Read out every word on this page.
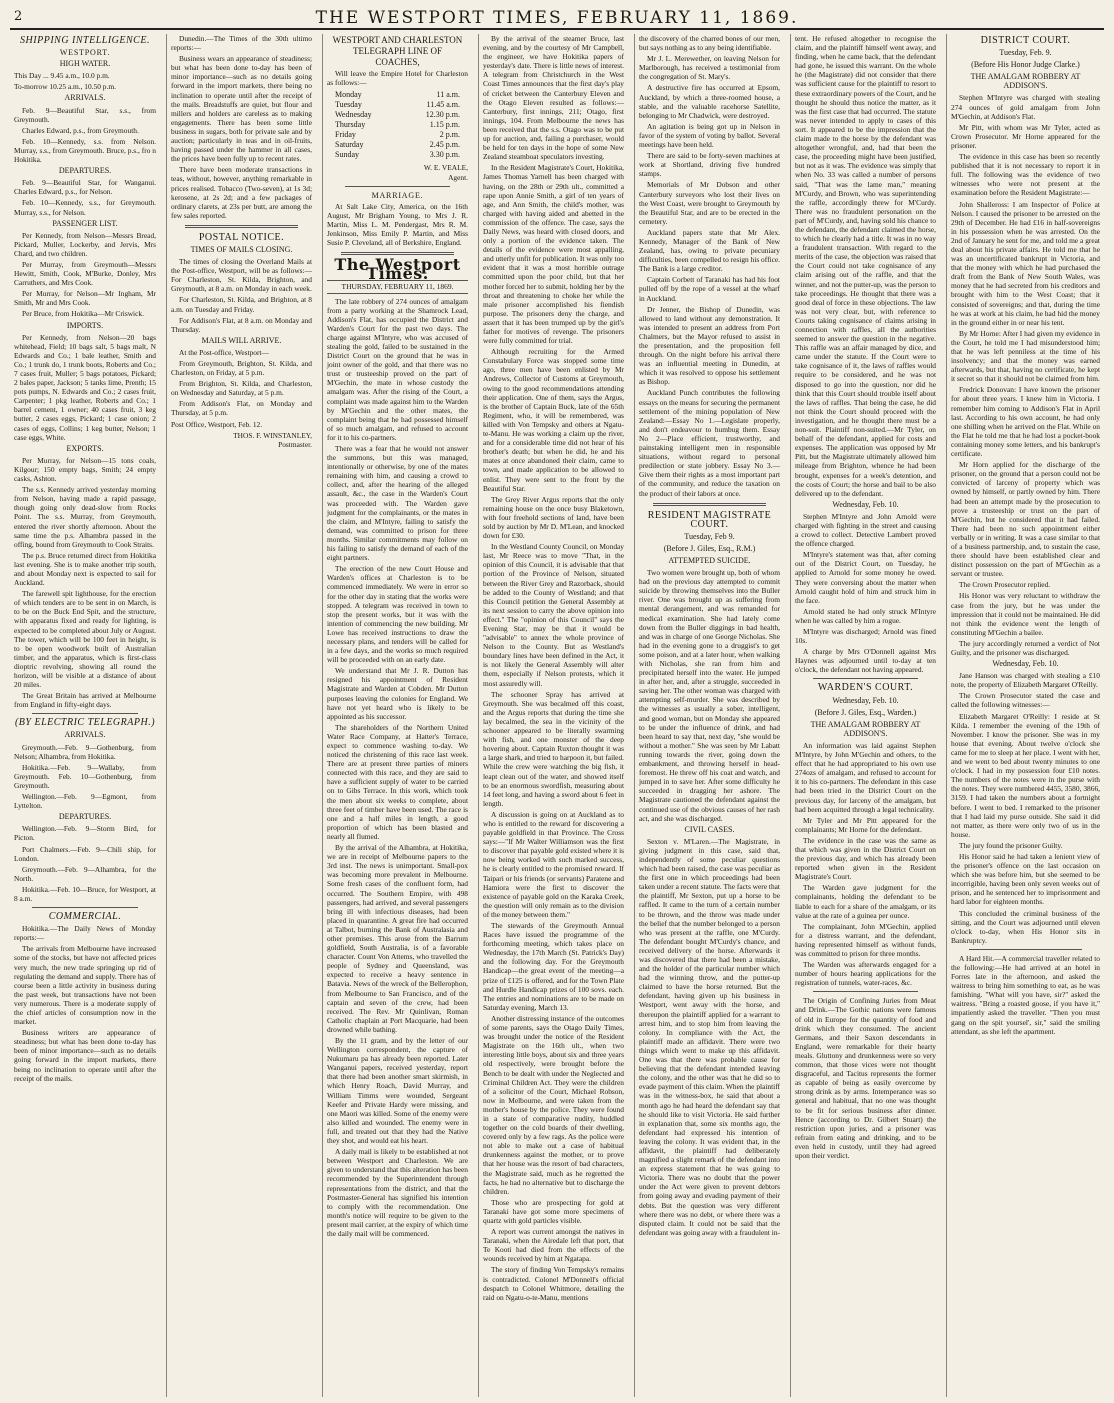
2	THE WESTPORT TIMES, FEBRUARY 11, 1869.
SHIPPING INTELLIGENCE.
WESTPORT.
HIGH WATER.

This Day ... 9.45 a.m., 10.0 p.m.

To-morrow 10.25 a.m., 10.50 p.m.

ARRIVALS.

Feb. 9—Beautiful Star, s.s., from Greymouth.

Charles Edward, p.s., from Greymouth.

Feb. 10—Kennedy, s.s. from Nelson. Murray, s.s., from Greymouth. Bruce, p.s., fro n Hokitika.

DEPARTURES.

Feb. 9—Beautiful Star, for Wanganui. Charles Edward, p.s., for Nelson.

Feb. 10—Kennedy, s.s., for Greymouth. Murray, s.s., for Nelson.

PASSENGER LIST.

Per Kennedy, from Nelson—Messrs Bread, Pickard, Muller, Lockerby, and Jervis, Mrs Chard, and two children.

Per Murray, from Greymouth—Messrs Hewitt, Smith, Cook, M'Burke, Donley, Mrs Carruthers, and Mrs Cook.

Per Murray, for Nelson—Mr Ingham, Mr Smith, Mr and Mrs Cook.

Per Bruce, from Hokitika—Mr Criswick.

IMPORTS.

Per Kennedy, from Nelson—20 bags whitehead, Field; 10 bags salt, 5 bags malt, N Edwards and Co.; 1 bale leather, Smith and Co.; 1 trunk do, 1 trunk boots, Roberts and Co.; 7 cases fruit, Muller; 5 bags potatoes, Pickard; 2 bales paper, Jackson; 5 tanks lime, Prenth; 15 pots pumps, N. Edwards and Co.; 2 cases fruit, Carpenter; 1 pkg leather, Roberts and Co.; 1 barrel cement, 1 owner; 40 cases fruit, 3 keg butter, 2 cases eggs, Pickard; 1 case onion; 2 cases of eggs, Collins; 1 keg butter, Nelson; 1 case eggs, White.

EXPORTS.

Per Murray, for Nelson—15 tons coals, Kilgour; 150 empty bags, Smith; 24 empty casks, Ashton.

The s.s. Kennedy arrived yesterday morning from Nelson, having made a rapid passage, though going only dead-slow from Rocks Point. The s.s. Murray, from Greymouth, entered the river shortly afternoon. About the same time the p.s. Alhambra passed in the offing, bound from Greymouth to Cook Straits.

The p.s. Bruce returned direct from Hokitika last evening. She is to make another trip south, and about Monday next is expected to sail for Auckland.

The farewell spit lighthouse, for the erection of which tenders are to be sent in on March, is to be on the Buck End Spit, and the structure, with apparatus fixed and ready for lighting, is expected to be completed about July or August. The tower, which will be 100 feet in height, is to be open woodwork built of Australian timber, and the apparatus, which is first-class dioptric revolving, showing all round the horizon, will be visible at a distance of about 20 miles.

The Great Britain has arrived at Melbourne from England in fifty-eight days.

(BY ELECTRIC TELEGRAPH.)
ARRIVALS.

Greymouth.—Feb. 9—Gothenburg, from Nelson; Alhambra, from Hokitika.

Hokitika.—Feb. 9—Wallaby, from Greymouth. Feb. 10—Gothenburg, from Greymouth.

Wellington.—Feb. 9—Egmont, from Lyttelton.

DEPARTURES.

Wellington.—Feb. 9—Storm Bird, for Picton.

Port Chalmers.—Feb. 9—Chili ship, for London.

Greymouth.—Feb. 9—Alhambra, for the North.

Hokitika.—Feb. 10—Bruce, for Westport, at 8 a.m.

COMMERCIAL.

Hokitika.—The Daily News of Monday reports:—

The arrivals from Melbourne have increased some of the stocks, but have not affected prices very much, the new trade springing up rid of regulating the demand and supply. There has of course been a little activity in business during the past week, but transactions have not been very numerous. There is a moderate supply of the chief articles of consumption now in the market.

Business writers are appearance of steadiness; but what has been done to-day has been of minor importance—such as no details going forward in the import markets, there being no inclination to operate until after the receipt of the mails.

Dunedin.—The Times of the 30th ultimo reports:—

Business wears an appearance of steadiness; but what has been done to-day has been of minor importance—such as no details going forward in the import markets, there being no inclination to operate until after the receipt of the mails. Breadstuffs are quiet, but flour and millers and holders are careless as to making engagements. There has been some little business in sugars, both for private sale and by auction; particularly in teas and in oil-fruits, having passed under the hammer in all cases, the prices have been fully up to recent rates.

There have been moderate transactions in teas, without, however, anything remarkable in prices realised. Tobacco (Two-seven), at 1s 3d; kerosene, at 2s 2d; and a few packages of ordinary clarets, at 23s per butt, are among the few sales reported.

POSTAL NOTICE.
TIMES OF MAILS CLOSING.

The times of closing the Overland Mails at the Post-office, Westport, will be as follows:—For Charleston, St. Kilda, Brighton, and Greymouth, at 8 a.m. on Monday in each week.

For Charleston, St. Kilda, and Brighton, at 8 a.m. on Tuesday and Friday.

For Addison's Flat, at 8 a.m. on Monday and Thursday.

MAILS WILL ARRIVE.

At the Post-office, Westport—

From Greymouth, Brighton, St. Kilda, and Charleston, on Friday, at 5 p.m.

From Brighton, St. Kilda, and Charleston, on Wednesday and Saturday, at 5 p.m.

From Addison's Flat, on Monday and Thursday, at 5 p.m.

Post Office, Westport, Feb. 12.

THOS. F. WINSTANLEY,
Postmaster.
WESTPORT AND CHARLESTON
TELEGRAPH LINE OF
COACHES,

Will leave the Empire Hotel for Charleston as follows:—

Monday	11 a.m.
Tuesday	11.45 a.m.
Wednesday	12.30 p.m.
Thursday	1.15 p.m.
Friday	2 p.m.
Saturday	2.45 p.m.
Sunday	3.30 p.m.
W. E. VEALE,
Agent.
MARRIAGE.

At Salt Lake City, America, on the 16th August, Mr Brigham Young, to Mrs J. R. Martin, Miss L. M. Pendergast, Mrs R. M. Jenkinson, Miss Emily P. Martin, and Miss Susie P. Cleveland, all of Berkshire, England.

The Westport Times.
THURSDAY, FEBRUARY 11, 1869.

The late robbery of 274 ounces of amalgam from a party working at the Shamrock Lead, Addison's Flat, has occupied the District and Warden's Court for the past two days. The charge against M'Intyre, who was accused of stealing the gold, failed to be sustained in the District Court on the ground that he was in joint owner of the gold, and that there was no trust or trusteeship proved on the part of M'Gechin, the mate in whose custody the amalgam was. After the rising of the Court, a complaint was made against him to the Warden by M'Gechin and the other mates, the complaint being that he had possessed himself of so much amalgam, and refused to account for it to his co-partners.

There was a fear that he would not answer the summons, but this was managed, intentionally or otherwise, by one of the mates remaining with him, and causing a crowd to collect, and, after the hearing of the alleged assault, &c., the case in the Warden's Court was proceeded with. The Warden gave judgment for the complainants, or the mates in the claim, and M'Intyre, failing to satisfy the demand, was committed to prison for three months. Similar commitments may follow on his failing to satisfy the demand of each of the eight partners.

The erection of the new Court House and Warden's offices at Charleston is to be commenced immediately. We were in error so for the other day in stating that the works were stopped. A telegram was received in town to stop the present works, but it was with the intention of commencing the new building. Mr Lowe has received instructions to draw the necessary plans, and tenders will be called for in a few days, and the works so much required will be proceeded with on an early date.

We understand that Mr J. R. Dutton has resigned his appointment of Resident Magistrate and Warden at Cobden. Mr Dutton purposes leaving the colonies for England. We have not yet heard who is likely to be appointed as his successor.

The shareholders of the Northern United Water Race Company, at Hatter's Terrace, expect to commence washing to-day. We noticed the christening of this race last week. There are at present three parties of miners connected with this race, and they are said to have a sufficient supply of water to be carried on to Gibs Terrace. In this work, which took the men about six weeks to complete, about three feet of timber have been used. The race is one and a half miles in length, a good proportion of which has been blasted and nearly all flumed.

By the arrival of the Alhambra, at Hokitika, we are in receipt of Melbourne papers to the 3rd inst. The news is unimportant. Small-pox was becoming more prevalent in Melbourne. Some fresh cases of the confluent form, had occurred. The Southern Empire, with 498 passengers, had arrived, and several passengers bring ill with infectious diseases, had been placed in quarantine. A great fire had occurred at Talbot, burning the Bank of Australasia and other premises. This arose from the Barrum goldfield, South Australia, is of a favorable character. Count Von Attems, who travelled the people of Sydney and Queensland, was expected to receive a heavy sentence in Batavia. News of the wreck of the Bellerophon, from Melbourne to San Francisco, and of the captain and seven of the crew, had been received. The Rev. Mr Quinlivan, Roman Catholic chaplain at Port Macquarie, had been drowned while bathing.

By the 11 gram, and by the letter of our Wellington correspondent, the capture of Nukumaru pa has already been reported. Later Wanganui papers, received yesterday, report that there had been another smart skirmish, in which Henry Roach, David Murray, and William Timms were wounded, Sergeant Keefer and Private Hardy were missing, and one Maori was killed. Some of the enemy were also killed and wounded. The enemy were in full, and treated out that they had the Native they shot, and would eat his heart.

A daily mail is likely to be established at not between Westport and Charleston. We are given to understand that this alteration has been recommended by the Superintendent through representations from the district, and that the Postmaster-General has signified his intention to comply with the recommendation. One month's notice will require to be given to the present mail carrier, at the expiry of which time the daily mail will be commenced.

By the arrival of the steamer Bruce, last evening, and by the courtesy of Mr Campbell, the engineer, we have Hokitika papers of yesterday's date. There is little news of interest. A telegram from Christchurch in the West Coast Times announces that the first day's play of cricket between the Canterbury Eleven and the Otago Eleven resulted as follows:—Canterbury, first innings, 211; Otago, first innings, 104. From Melbourne the news has been received that the s.s. Otago was to be put up for auction, and, failing a purchaser, would be held for ten days in the hope of some New Zealand steamboat speculators investing.

In the Resident Magistrate's Court, Hokitika, James Thomas Yarnell has been charged with having, on the 28th or 29th ult., committed a rape upon Annie Smith, a girl of ten years of age, and Ann Smith, the child's mother, was charged with having aided and abetted in the commission of the offence. The case, says the Daily News, was heard with closed doors, and only a portion of the evidence taken. The details of the evidence were most appalling, and utterly unfit for publication. It was only too evident that it was a most horrible outrage committed upon the poor child, but that her mother forced her to submit, holding her by the throat and threatening to choke her while the male prisoner accomplished his fiendish purpose. The prisoners deny the charge, and assert that it has been trumped up by the girl's father for motives of revenge. The prisoners were fully committed for trial.

Although recruiting for the Armed Constabulary Force was stopped some time ago, three men have been enlisted by Mr Andrews, Collector of Customs at Greymouth, owing to the good recommendations attending their application. One of them, says the Argus, is the brother of Captain Buck, late of the 65th Regiment, who, it will be remembered, was killed with Von Tempsky and others at Ngatu-te-Manu. He was working a claim up the river, and for a considerable time did not hear of his brother's death; but when he did, he and his mates at once abandoned their claim, came to town, and made application to be allowed to enlist. They were sent to the front by the Beautiful Star.

The Grey River Argus reports that the only remaining house on the once busy Blaketown, with four freehold sections of land, have been sold by auction by Mr D. M'Lean, and knocked down for £30.

In the Westland County Council, on Monday last, Mr Reece was to move "That, in the opinion of this Council, it is advisable that that portion of the Province of Nelson, situated between the River Grey and Razorback, should be added to the County of Westland; and that this Council petition the General Assembly at its next session to carry the above opinion into effect." The "opinion of this Council" says the Evening Star, may be that it would be "advisable" to annex the whole province of Nelson to the County. But as Westland's boundary lines have been defined in the Act, it is not likely the General Assembly will alter them, especially if Nelson protests, which it most assuredly will.

The schooner Spray has arrived at Greymouth. She was becalmed off this coast, and the Argus reports that during the time she lay becalmed, the sea in the vicinity of the schooner appeared to be literally swarming with fish, and one monster of the deep hovering about. Captain Ruxton thought it was a large shark, and tried to harpoon it, but failed. While the crew were watching the big fish, it leapt clean out of the water, and showed itself to be an enormous swordfish, measuring about 14 feet long, and having a sword about 6 feet in length.

A discussion is going on at Auckland as to who is entitled to the reward for discovering a payable goldfield in that Province. The Cross says:—"If Mr Walter Williamson was the first to discover that payable gold existed where it is now being worked with such marked success, he is clearly entitled to the promised reward. If Taipari or his friends (or servants) Paratene and Hamiora were the first to discover the existence of payable gold on the Karaka Creek, the question will only remain as to the division of the money between them."

The stewards of the Greymouth Annual Races have issued the programme of the forthcoming meeting, which takes place on Wednesday, the 17th March (St. Patrick's Day) and the following day. For the Greymouth Handicap—the great event of the meeting—a prize of £125 is offered, and for the Town Plate and Hurdle Handicap prizes of 100 sovs. each. The entries and nominations are to be made on Saturday evening, March 13.

Another distressing instance of the outcomes of some parents, says the Otago Daily Times, was brought under the notice of the Resident Magistrate on the 16th ult., when two interesting little boys, about six and three years old respectively, were brought before the Bench to be dealt with under the Neglected and Criminal Children Act. They were the children of a solicitor of the Court, Michael Robson, now in Melbourne, and were taken from the mother's house by the police. They were found in a state of comparative nudity, huddled together on the cold boards of their dwelling, covered only by a few rags. As the police were not able to make out a case of habitual drunkenness against the mother, or to prove that her house was the resort of bad characters, the Magistrate said, much as he regretted the facts, he had no alternative but to discharge the children.

Those who are prospecting for gold at Taranaki have got some more specimens of quartz with gold particles visible.

A report was current amongst the natives in Taranaki, when the Airedale left that port, that Te Kooti had died from the effects of the wounds received by him at Ngatapa.

The story of finding Von Tempsky's remains is contradicted. Colonel M'Donnell's official despatch to Colonel Whitmore, detailing the raid on Ngatu-o-te-Manu, mentions

the discovery of the charred bones of our men, but says nothing as to any being identifiable.

Mr J. L. Merewether, on leaving Nelson for Marlborough, has received a testimonial from the congregation of St. Mary's.

A destructive fire has occurred at Epsom, Auckland, by which a three-roomed house, a stable, and the valuable racehorse Satellite, belonging to Mr Chadwick, were destroyed.

An agitation is being got up in Nelson in favor of the system of voting by ballot. Several meetings have been held.

There are said to be forty-seven machines at work at Shortland, driving five hundred stamps.

Memorials of Mr Dobson and other Canterbury surveyors who lost their lives on the West Coast, were brought to Greymouth by the Beautiful Star, and are to be erected in the cemetery.

Auckland papers state that Mr Alex. Kennedy, Manager of the Bank of New Zealand, has, owing to private pecuniary difficulties, been compelled to resign his office. The Bank is a large creditor.

Captain Corbett of Taranaki has had his foot pulled off by the rope of a vessel at the wharf in Auckland.

Dr Jenner, the Bishop of Dunedin, was allowed to land without any demonstration. It was intended to present an address from Port Chalmers, but the Mayor refused to assist in the presentation, and the proposition fell through. On the night before his arrival there was an influential meeting in Dunedin, at which it was resolved to oppose his settlement as Bishop.

Auckland Punch contributes the following essays on the means for securing the permanent settlement of the mining population of New Zealand:—Essay No 1.—Legislate properly, and don't endeavour to humbug them. Essay No 2—Place efficient, trustworthy, and painstaking intelligent men in responsible situations, without regard to personal predilection or state jobbery. Essay No 3.—Give them their rights as a most important part of the community, and reduce the taxation on the product of their labors at once.

RESIDENT MAGISTRATE COURT.
Tuesday, Feb 9.
(Before J. Giles, Esq., R.M.)
ATTEMPTED SUICIDE.

Two women were brought up, both of whom had on the previous day attempted to commit suicide by throwing themselves into the Buller river. One was brought up as suffering from mental derangement, and was remanded for medical examination. She had lately come down from the Buller diggings in bad health, and was in charge of one George Nicholas. She had in the evening gone to a druggist's to get some poison, and at a later hour, when walking with Nicholas, she ran from him and precipitated herself into the water. He jumped in after her, and, after a struggle, succeeded in saving her. The other woman was charged with attempting self-murder. She was described by the witnesses as usually a sober, intelligent, and good woman, but on Monday she appeared to be under the influence of drink, and had been heard to say that, next day, "she would be without a mother." She was seen by Mr Labatt running towards the river, going down the embankment, and throwing herself in head-foremost. He threw off his coat and watch, and jumped in to save her. After some difficulty he succeeded in dragging her ashore. The Magistrate cautioned the defendant against the continued use of the obvious causes of her rash act, and she was discharged.

CIVIL CASES.

Sexton v. M'Laren.—The Magistrate, in giving judgment in this case, said that, independently of some peculiar questions which had been raised, the case was peculiar as the first one in which proceedings had been taken under a recent statute. The facts were that the plaintiff, Mr Sexton, put up a horse to be raffled. It came to the turn of a certain number to be thrown, and the throw was made under the belief that the number belonged to a person who was present at the raffle, one M'Curdy. The defendant bought M'Curdy's chance, and received delivery of the horse. Afterwards it was discovered that there had been a mistake, and the holder of the particular number which had the winning throw, and the putter-up claimed to have the horse returned. But the defendant, having given up his business in Westport, went away with the horse, and thereupon the plaintiff applied for a warrant to arrest him, and to stop him from leaving the colony. In compliance with the Act, the plaintiff made an affidavit. There were two things which went to make up this affidavit. One was that there was probable cause for believing that the defendant intended leaving the colony, and the other was that he did so to evade payment of this claim. When the plaintiff was in the witness-box, he said that about a month ago he had heard the defendant say that he should like to visit Victoria. He said further in explanation that, some six months ago, the defendant had expressed his intention of leaving the colony. It was evident that, in the affidavit, the plaintiff had deliberately magnified a slight remark of the defendant into an express statement that he was going to Victoria. There was no doubt that the power under the Act were given to prevent debtors from going away and evading payment of their debts. But the question was very different where there was no debt, or where there was a disputed claim. It could not be said that the defendant was going away with a fraudulent in-

tent. He refused altogether to recognise the claim, and the plaintiff himself went away, and finding, when he came back, that the defendant had gone, he issued this warrant. On the whole he (the Magistrate) did not consider that there was sufficient cause for the plaintiff to resort to these extraordinary powers of the Court, and he thought he should thus notice the matter, as it was the first case that had occurred. The statute was never intended to apply to cases of this sort. It appeared to be the impression that the claim made to the horse by the defendant was altogether wrongful, and, had that been the case, the proceeding might have been justified, but not as it was. The evidence was simply that when No. 33 was called a number of persons said, "That was the lame man," meaning M'Curdy, and Brown, who was superintending the raffle, accordingly threw for M'Curdy. There was no fraudulent personation on the part of M'Curdy, and, having sold his chance to the defendant, the defendant claimed the horse, to which he clearly had a title. It was in no way a fraudulent transaction. With regard to the merits of the case, the objection was raised that the Court could not take cognisance of any claim arising out of the raffle, and that the winner, and not the putter-up, was the person to take proceedings. He thought that there was a good deal of force in these objections. The law was not very clear, but, with reference to Courts taking cognisance of claims arising in connection with raffles, all the authorities seemed to answer the question in the negative. This raffle was an affair managed by dice, and came under the statute. If the Court were to take cognisance of it, the laws of raffles would require to be considered, and he was not disposed to go into the question, nor did he think that this Court should trouble itself about the laws of raffles. That being the case, he did not think the Court should proceed with the investigation, and he thought there must be a non-suit. Plaintiff non-suited.—Mr Tyler, on behalf of the defendant, applied for costs and expenses. The application was opposed by Mr Pitt, but the Magistrate ultimately allowed him mileage from Brighton, whence he had been brought, expenses for a week's detention, and the costs of Court; the horse and bail to be also delivered up to the defendant.

Wednesday, Feb. 10.

Stephen M'Intyre and John Arnold were charged with fighting in the street and causing a crowd to collect. Detective Lambert proved the offence charged.

M'Intyre's statement was that, after coming out of the District Court, on Tuesday, he applied to Arnold for some money he owed. They were conversing about the matter when Arnold caught hold of him and struck him in the face.

Arnold stated he had only struck M'Intyre when he was called by him a rogue.

M'Intyre was discharged; Arnold was fined 10s.

A charge by Mrs O'Donnell against Mrs Haynes was adjourned until to-day at ten o'clock, the defendant not having appeared.

WARDEN'S COURT.
Wednesday, Feb. 10.
(Before J. Giles, Esq., Warden.)
THE AMALGAM ROBBERY AT ADDISON'S.

An information was laid against Stephen M'Intyre, by John M'Gechin and others, to the effect that he had appropriated to his own use 274ozs of amalgam, and refused to account for it to his co-partners. The defendant in this case had been tried in the District Court on the previous day, for larceny of the amalgam, but had been acquitted through a legal technicality.

Mr Tyler and Mr Pitt appeared for the complainants; Mr Horne for the defendant.

The evidence in the case was the same as that which was given in the District Court on the previous day, and which has already been reported when given in the Resident Magistrate's Court.

The Warden gave judgment for the complainants, holding the defendant to be liable to each for a share of the amalgam, or its value at the rate of a guinea per ounce.

The complainant, John M'Gechin, applied for a distress warrant, and the defendant, having represented himself as without funds, was committed to prison for three months.

The Warden was afterwards engaged for a number of hours hearing applications for the registration of tunnels, water-races, &c.

The Origin of Confining Juries from Meat and Drink.—The Gothic nations were famous of old in Europe for the quantity of food and drink which they consumed. The ancient Germans, and their Saxon descendants in England, were remarkable for their hearty meals. Gluttony and drunkenness were so very common, that those vices were not thought disgraceful, and Tacitus represents the former as capable of being as easily overcome by strong drink as by arms. Intemperance was so general and habitual, that no one was thought to be fit for serious business after dinner. Hence (according to Dr. Gilbert Stuart) the restriction upon juries, and a prisoner was refrain from eating and drinking, and to be even held in custody, until they had agreed upon their verdict.

DISTRICT COURT.
Tuesday, Feb. 9.
(Before His Honor Judge Clarke.)
THE AMALGAM ROBBERY AT ADDISON'S.

Stephen M'Intyre was charged with stealing 274 ounces of gold amalgam from John M'Gechin, at Addison's Flat.

Mr Pitt, with whom was Mr Tyler, acted as Crown Prosecutor. Mr Horne appeared for the prisoner.

The evidence in this case has been so recently published that it is not necessary to report it in full. The following was the evidence of two witnesses who were not present at the examination before the Resident Magistrate:—

John Shalleross: I am Inspector of Police at Nelson. I caused the prisoner to be arrested on the 29th of December. He had £16 in half-sovereigns in his possession when he was arrested. On the 2nd of January he sent for me, and told me a great deal about his private affairs. He told me that he was an uncertificated bankrupt in Victoria, and that the money with which he had purchased the draft from the Bank of New South Wales, was money that he had secreted from his creditors and brought with him to the West Coast; that it consisted of sovereigns; and that, during the time he was at work at his claim, he had hid the money in the ground either in or near his tent.

By Mr Horne: After I had given my evidence in the Court, he told me I had misunderstood him; that he was left penniless at the time of his insolvency; and that the money was earned afterwards, but that, having no certificate, he kept it secret so that it should not be claimed from him.

Fredrick Donovan: I have known the prisoner for about three years. I knew him in Victoria. I remember him coming to Addison's Flat in April last. According to his own account, he had only one shilling when he arrived on the Flat. While on the Flat he told me that he had lost a pocket-book containing money some letters, and his bankrupt's certificate.

Mr Horn applied for the discharge of the prisoner, on the ground that a person could not be convicted of larceny of property which was owned by himself, or partly owned by him. There had been an attempt made by the prosecution to prove a trusteeship or trust on the part of M'Gechin, but he considered that it had failed. There had been no such appointment either verbally or in writing. It was a case similar to that of a business partnership, and, to sustain the case, there should have been established clear and distinct possession on the part of M'Gechin as a servant or trustee.

The Crown Prosecutor replied.

His Honor was very reluctant to withdraw the case from the jury, but he was under the impression that it could not be maintained. He did not think the evidence went the length of constituting M'Gechin a bailee.

The jury accordingly returned a verdict of Not Guilty, and the prisoner was discharged.

Wednesday, Feb. 10.

Jane Hanson was charged with stealing a £10 note, the property of Elizabeth Margaret O'Reilly.

The Crown Prosecutor stated the case and called the following witnesses:—

Elizabeth Margaret O'Reilly: I reside at St Kilda. I remember the evening of the 19th of November. I know the prisoner. She was in my house that evening. About twelve o'clock she came for me to sleep at her place. I went with her, and we went to bed about twenty minutes to one o'clock. I had in my possession four £10 notes. The numbers of the notes were in the purse with the notes. They were numbered 4455, 3580, 3866, 3159. I had taken the numbers about a fortnight before. I went to bed. I remarked to the prisoner that I had laid my purse outside. She said it did not matter, as there were only two of us in the house.

The jury found the prisoner Guilty.

His Honor said he had taken a lenient view of the prisoner's offence on the last occasion on which she was before him, but she seemed to be incorrigible, having been only seven weeks out of prison, and he sentenced her to imprisonment and hard labor for eighteen months.

This concluded the criminal business of the sitting, and the Court was adjourned until eleven o'clock to-day, when His Honor sits in Bankruptcy.

A Hard Hit.—A commercial traveller related to the following:—He had arrived at an hotel in Forres late in the afternoon, and asked the waitress to bring him something to eat, as he was famishing. "What will you have, sir?" asked the waitress. "Bring a roasted goose, if you have it," impatiently asked the traveller. "Then you must gang on the spit yoursel', sir," said the smiling attendant, as she left the apartment.
